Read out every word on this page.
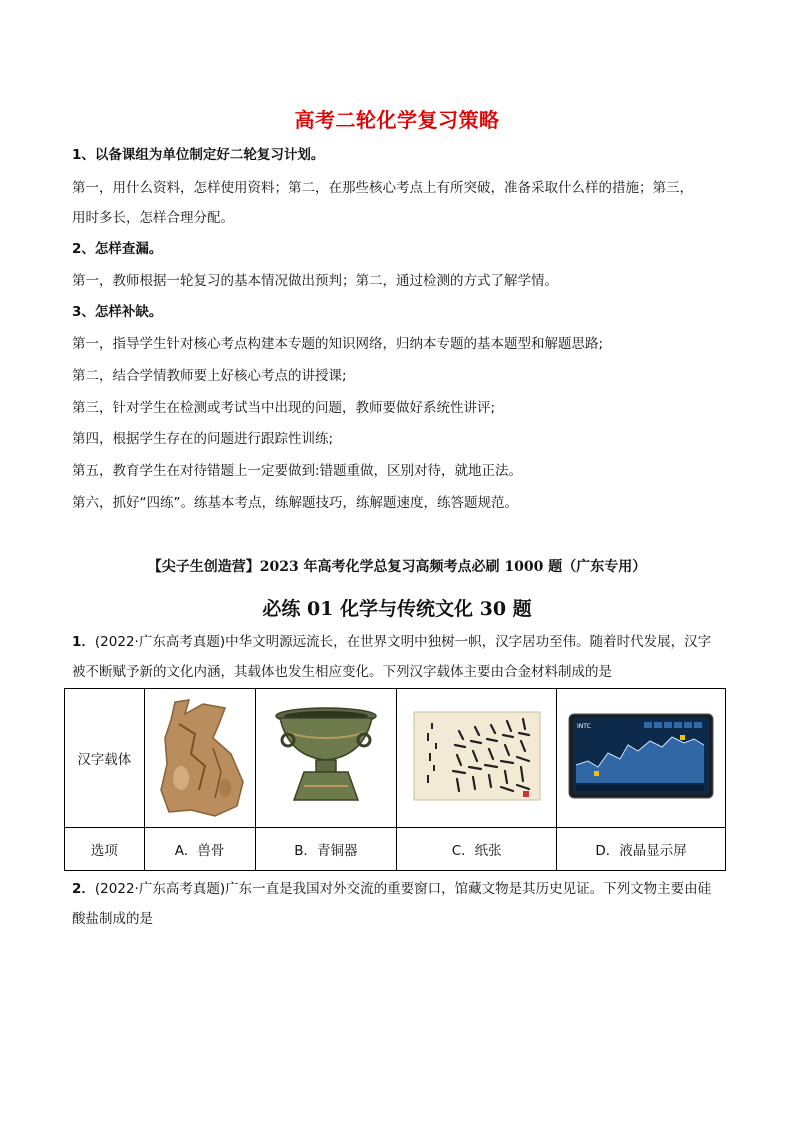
高考二轮化学复习策略
1、以备课组为单位制定好二轮复习计划。
第一，用什么资料，怎样使用资料；第二，在那些核心考点上有所突破，准备采取什么样的措施；第三，
用时多长，怎样合理分配。
2、怎样查漏。
第一，教师根据一轮复习的基本情况做出预判；第二，通过检测的方式了解学情。
3、怎样补缺。
第一，指导学生针对核心考点构建本专题的知识网络，归纳本专题的基本题型和解题思路;
第二，结合学情教师要上好核心考点的讲授课;
第三，针对学生在检测或考试当中出现的问题，教师要做好系统性讲评;
第四，根据学生存在的问题进行跟踪性训练;
第五，教育学生在对待错题上一定要做到:错题重做，区别对待，就地正法。
第六，抓好“四练”。练基本考点，练解题技巧，练解题速度，练答题规范。
【尖子生创造营】2023 年高考化学总复习高频考点必刷 1000 题（广东专用）
必练 01 化学与传统文化 30 题
1．(2022·广东高考真题)中华文明源远流长，在世界文明中独树一帜，汉字居功至伟。随着时代发展，汉字
被不断赋予新的文化内涵，其载体也发生相应变化。下列汉字载体主要由合金材料制成的是
汉字载体				INTC

选项	A．兽骨	B．青铜器	C．纸张	D．液晶显示屏
2．(2022·广东高考真题)广东一直是我国对外交流的重要窗口，馆藏文物是其历史见证。下列文物主要由硅
酸盐制成的是
